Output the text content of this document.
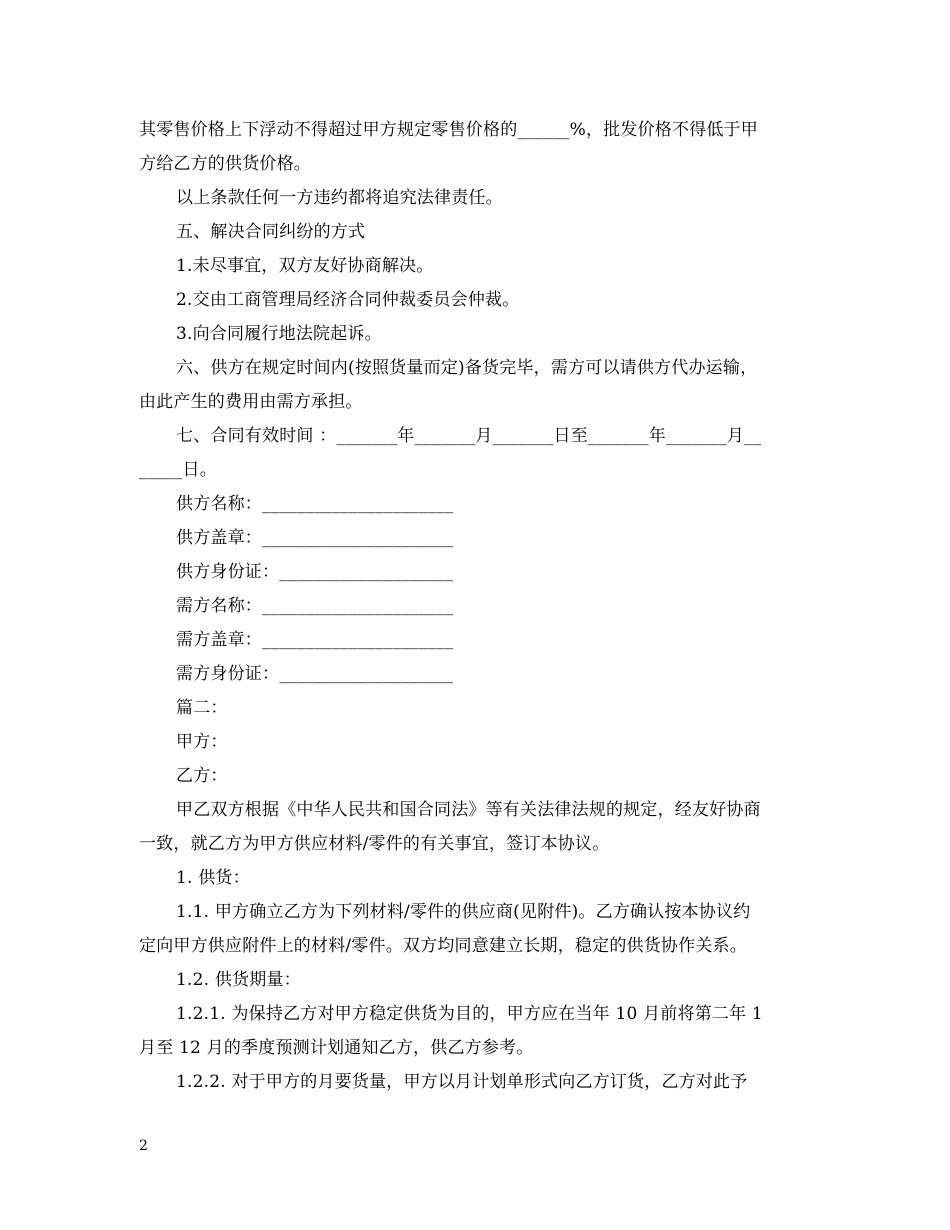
其零售价格上下浮动不得超过甲方规定零售价格的______%，批发价格不得低于甲
方给乙方的供货价格。
以上条款任何一方违约都将追究法律责任。
五、解决合同纠纷的方式
1.未尽事宜，双方友好协商解决。
2.交由工商管理局经济合同仲裁委员会仲裁。
3.向合同履行地法院起诉。
六、供方在规定时间内(按照货量而定)备货完毕，需方可以请供方代办运输，
由此产生的费用由需方承担。
七、合同有效时间 ：_______年_______月_______日至_______年_______月__
_____日。
供方名称：______________________
供方盖章：______________________
供方身份证：____________________
需方名称：______________________
需方盖章：______________________
需方身份证：____________________
篇二：
甲方：
乙方：
甲乙双方根据《中华人民共和国合同法》等有关法律法规的规定，经友好协商
一致，就乙方为甲方供应材料/零件的有关事宜，签订本协议。
1. 供货：
1.1. 甲方确立乙方为下列材料/零件的供应商(见附件)。乙方确认按本协议约
定向甲方供应附件上的材料/零件。双方均同意建立长期，稳定的供货协作关系。
1.2. 供货期量：
1.2.1. 为保持乙方对甲方稳定供货为目的，甲方应在当年 10 月前将第二年 1
月至 12 月的季度预测计划通知乙方，供乙方参考。
1.2.2. 对于甲方的月要货量，甲方以月计划单形式向乙方订货，乙方对此予
2
